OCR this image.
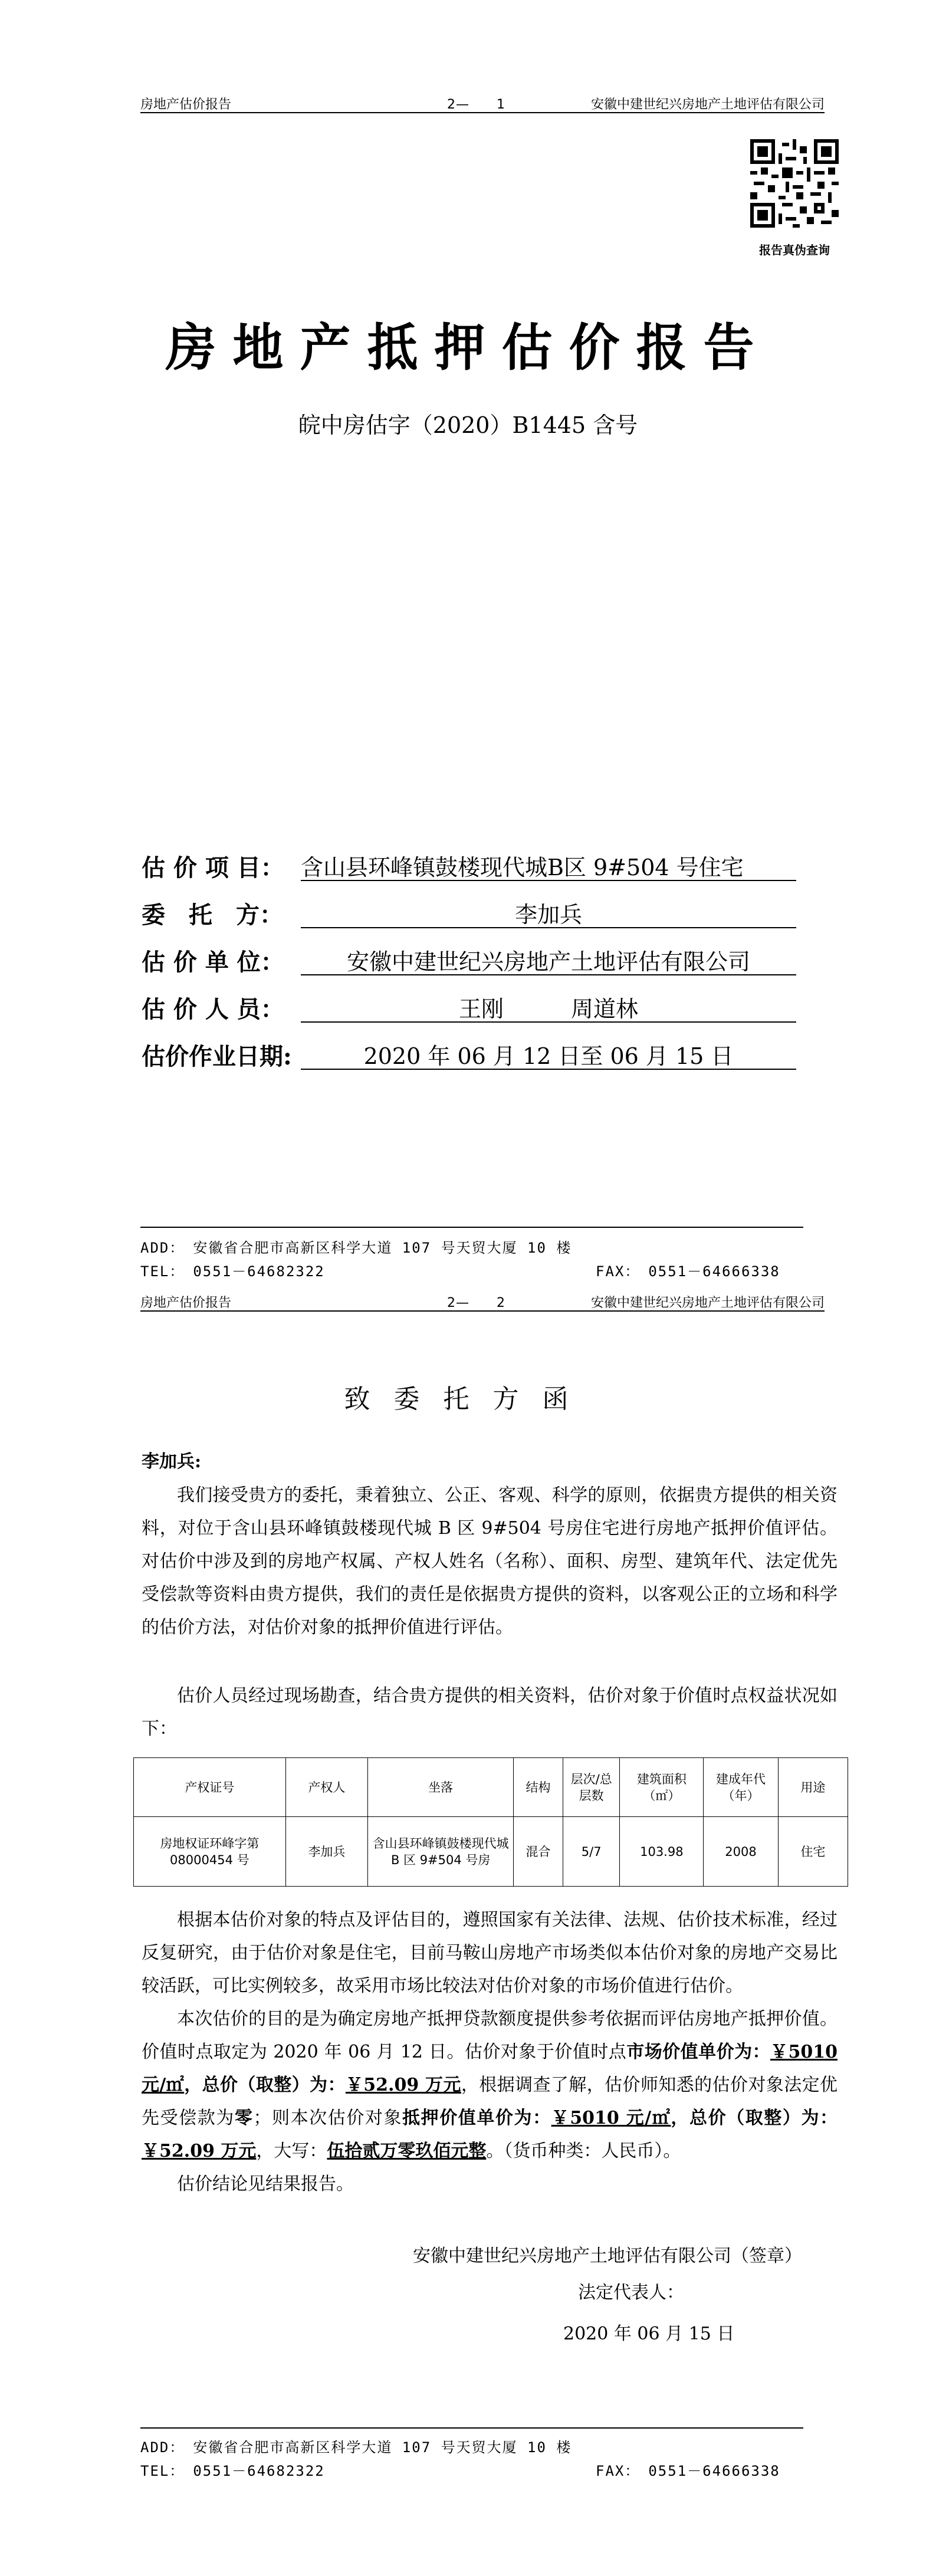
房地产估价报告	2—　　1	安徽中建世纪兴房地产土地评估有限公司
报告真伪查询
房地产抵押估价报告
皖中房估字（2020）B1445 含号
估 价 项 目： 含山县环峰镇鼓楼现代城B区 9#504 号住宅
委　托　方：	李加兵
估 价 单 位：	安徽中建世纪兴房地产土地评估有限公司
估 价 人 员：	王刚　　　周道林
估价作业日期:	2020 年 06 月 12 日至 06 月 15 日
ADD：　安徽省合肥市高新区科学大道 107 号天贸大厦 10 楼
TEL：　0551－64682322	FAX：　0551－64666338
房地产估价报告	2—　　2	安徽中建世纪兴房地产土地评估有限公司
致委托方函
李加兵:
我们接受贵方的委托，秉着独立、公正、客观、科学的原则，依据贵方提供的相关资料，对位于含山县环峰镇鼓楼现代城 B 区 9#504 号房住宅进行房地产抵押价值评估。对估价中涉及到的房地产权属、产权人姓名（名称）、面积、房型、建筑年代、法定优先受偿款等资料由贵方提供，我们的责任是依据贵方提供的资料，以客观公正的立场和科学的估价方法，对估价对象的抵押价值进行评估。
估价人员经过现场勘查，结合贵方提供的相关资料，估价对象于价值时点权益状况如下：
产权证号	产权人	坐落	结构	层次/总层数	建筑面积（㎡）	建成年代（年）	用途
房地权证环峰字第 08000454 号	李加兵	含山县环峰镇鼓楼现代城 B 区 9#504 号房	混合	5/7	103.98	2008	住宅
根据本估价对象的特点及评估目的，遵照国家有关法律、法规、估价技术标准，经过反复研究，由于估价对象是住宅，目前马鞍山房地产市场类似本估价对象的房地产交易比较活跃，可比实例较多，故采用市场比较法对估价对象的市场价值进行估价。
本次估价的目的是为确定房地产抵押贷款额度提供参考依据而评估房地产抵押价值。价值时点取定为 2020 年 06 月 12 日。估价对象于价值时点市场价值单价为：￥5010 元/㎡，总价（取整）为：￥52.09 万元，根据调查了解，估价师知悉的估价对象法定优先受偿款为零；则本次估价对象抵押价值单价为：￥5010 元/㎡，总价（取整）为：￥52.09 万元，大写：伍拾贰万零玖佰元整。（货币种类：人民币）。
估价结论见结果报告。
安徽中建世纪兴房地产土地评估有限公司（签章）
法定代表人：
2020 年 06 月 15 日
ADD：　安徽省合肥市高新区科学大道 107 号天贸大厦 10 楼
TEL：　0551－64682322	FAX：　0551－64666338
